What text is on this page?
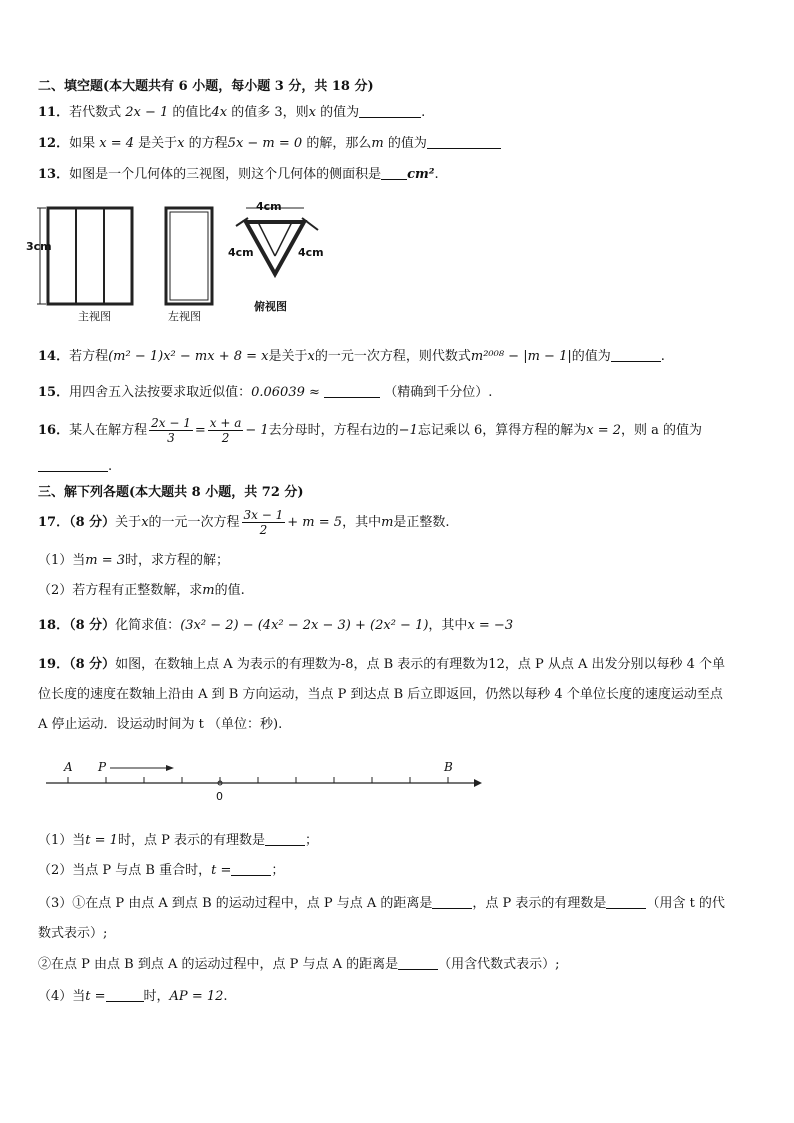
二、填空题(本大题共有 6 小题，每小题 3 分，共 18 分)
11．若代数式 2x − 1 的值比4x 的值多 3，则x 的值为	.
12．如果 x = 4 是关于x 的方程5x − m = 0 的解，那么m 的值为
13．如图是一个几何体的三视图，则这个几何体的侧面积是 cm².
3cm
主视图	左视图
4cm
4cm	4cm
俯视图
14．若方程(m² − 1)x² − mx + 8 = x是关于x的一元一次方程，则代数式m²⁰⁰⁸ − |m − 1|的值为	.
15．用四舍五入法按要求取近似值：0.06039 ≈	（精确到千分位）.
16．某人在解方程 $\frac{2x - 1}{3} = \frac{x + a}{2} - 1$去分母时，方程右边的−1忘记乘以 6，算得方程的解为x = 2，则 a 的值为
.
三、解下列各题(本大题共 8 小题，共 72 分)
17．（8 分）关于x的一元一次方程 $\frac{3x - 1}{2} + m = 5$，其中m是正整数.
（1）当m = 3时，求方程的解；
（2）若方程有正整数解，求m的值.
18．（8 分）化简求值：(3x² − 2) − (4x² − 2x − 3) + (2x² − 1)，其中x = −3
19．（8 分）如图，在数轴上点 A 为表示的有理数为-8，点 B 表示的有理数为12，点 P 从点 A 出发分别以每秒 4 个单
位长度的速度在数轴上沿由 A 到 B 方向运动，当点 P 到达点 B 后立即返回，仍然以每秒 4 个单位长度的速度运动至点
A 停止运动．设运动时间为 t （单位：秒).
A P	B
0
（1）当t = 1时，点 P 表示的有理数是	；
（2）当点 P 与点 B 重合时，t =	；
（3）①在点 P 由点 A 到点 B 的运动过程中，点 P 与点 A 的距离是	，点 P 表示的有理数是	（用含 t 的代
数式表示）;
②在点 P 由点 B 到点 A 的运动过程中，点 P 与点 A 的距离是	（用含代数式表示）;
（4）当t =	时，AP = 12.
